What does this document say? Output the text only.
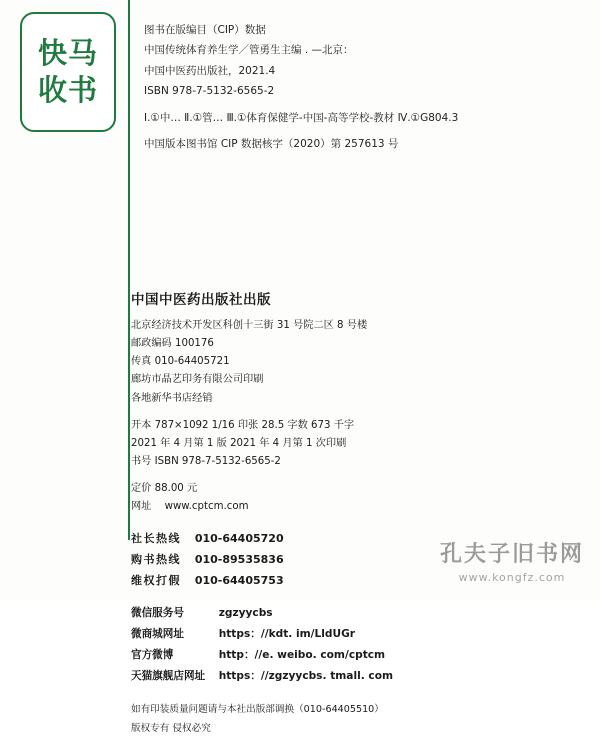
快马
收书
图书在版编目（CIP）数据
中国传统体育养生学／管勇生主编 . —北京：
中国中医药出版社，2021.4
ISBN 978-7-5132-6565-2
Ⅰ.①中… Ⅱ.①管… Ⅲ.①体育保健学-中国-高等学校-教材 Ⅳ.①G804.3
中国版本图书馆 CIP 数据核字（2020）第 257613 号
中国中医药出版社出版
北京经济技术开发区科创十三街 31 号院二区 8 号楼
邮政编码 100176
传真 010-64405721
廊坊市晶艺印务有限公司印刷
各地新华书店经销
开本 787×1092 1/16 印张 28.5 字数 673 千字
2021 年 4 月第 1 版 2021 年 4 月第 1 次印刷
书号 ISBN 978-7-5132-6565-2
定价 88.00 元
网址 www.cptcm.com
社长热线 010-64405720
购书热线 010-89535836
维权打假 010-64405753
微信服务号	zgzyycbs
微商城网址	https：//kdt. im/LldUGr
官方微博	http：//e. weibo. com/cptcm
天猫旗舰店网址 https：//zgzyycbs. tmall. com
如有印装质量问题请与本社出版部调换（010-64405510）
版权专有 侵权必究
孔夫子旧书网
www.kongfz.com
